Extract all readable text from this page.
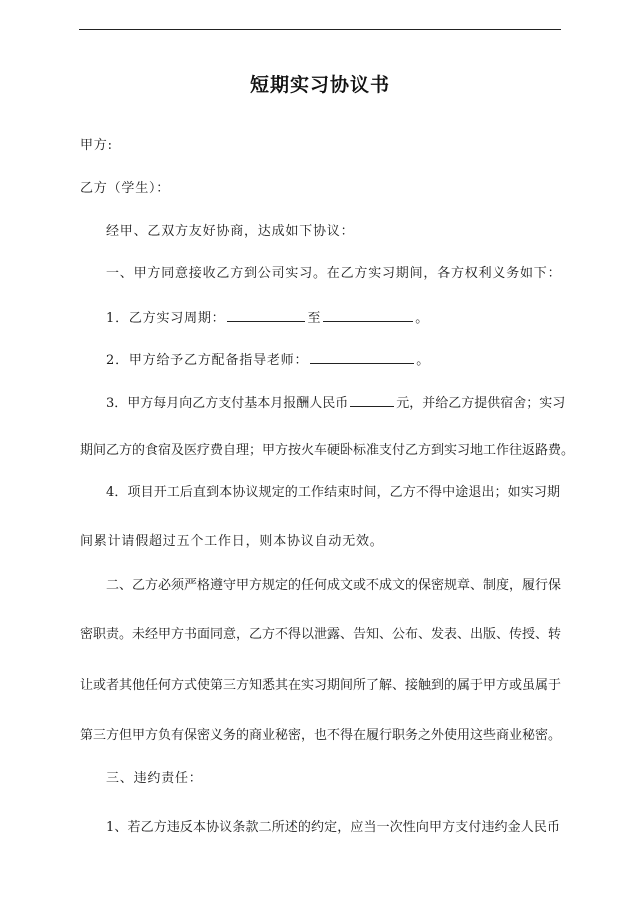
短期实习协议书
甲方:
乙方（学生）：
经甲、乙双方友好协商，达成如下协议：
一、甲方同意接收乙方到公司实习。在乙方实习期间，各方权利义务如下：
1．乙方实习周期：	至	。
2．甲方给予乙方配备指导老师：	。
3．甲方每月向乙方支付基本月报酬人民币	元，并给乙方提供宿舍；实习
期间乙方的食宿及医疗费自理；甲方按火车硬卧标准支付乙方到实习地工作往返路费。
4．项目开工后直到本协议规定的工作结束时间，乙方不得中途退出；如实习期
间累计请假超过五个工作日，则本协议自动无效。
二、乙方必须严格遵守甲方规定的任何成文或不成文的保密规章、制度，履行保
密职责。未经甲方书面同意，乙方不得以泄露、告知、公布、发表、出版、传授、转
让或者其他任何方式使第三方知悉其在实习期间所了解、接触到的属于甲方或虽属于
第三方但甲方负有保密义务的商业秘密，也不得在履行职务之外使用这些商业秘密。
三、违约责任：
1、若乙方违反本协议条款二所述的约定，应当一次性向甲方支付违约金人民币
